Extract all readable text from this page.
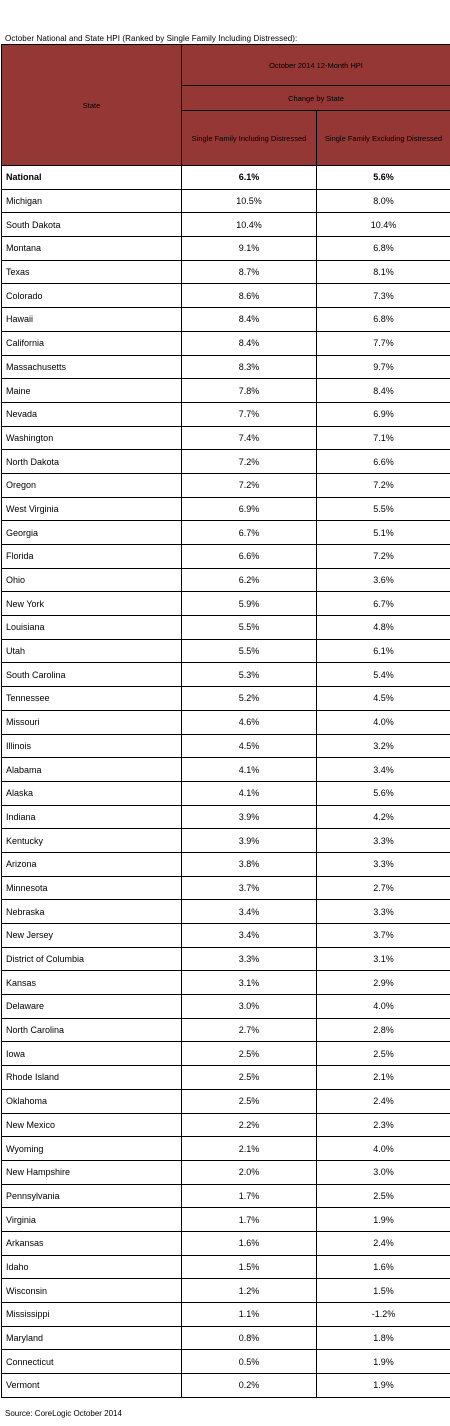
October National and State HPI (Ranked by Single Family Including Distressed):
State	October 2014 12-Month HPI	
	Change by State	
	Single Family Including Distressed	Single Family Excluding Distressed
National	6.1%	5.6%
Michigan	10.5%	8.0%
South Dakota	10.4%	10.4%
Montana	9.1%	6.8%
Texas	8.7%	8.1%
Colorado	8.6%	7.3%
Hawaii	8.4%	6.8%
California	8.4%	7.7%
Massachusetts	8.3%	9.7%
Maine	7.8%	8.4%
Nevada	7.7%	6.9%
Washington	7.4%	7.1%
North Dakota	7.2%	6.6%
Oregon	7.2%	7.2%
West Virginia	6.9%	5.5%
Georgia	6.7%	5.1%
Florida	6.6%	7.2%
Ohio	6.2%	3.6%
New York	5.9%	6.7%
Louisiana	5.5%	4.8%
Utah	5.5%	6.1%
South Carolina	5.3%	5.4%
Tennessee	5.2%	4.5%
Missouri	4.6%	4.0%
Illinois	4.5%	3.2%
Alabama	4.1%	3.4%
Alaska	4.1%	5.6%
Indiana	3.9%	4.2%
Kentucky	3.9%	3.3%
Arizona	3.8%	3.3%
Minnesota	3.7%	2.7%
Nebraska	3.4%	3.3%
New Jersey	3.4%	3.7%
District of Columbia	3.3%	3.1%
Kansas	3.1%	2.9%
Delaware	3.0%	4.0%
North Carolina	2.7%	2.8%
Iowa	2.5%	2.5%
Rhode Island	2.5%	2.1%
Oklahoma	2.5%	2.4%
New Mexico	2.2%	2.3%
Wyoming	2.1%	4.0%
New Hampshire	2.0%	3.0%
Pennsylvania	1.7%	2.5%
Virginia	1.7%	1.9%
Arkansas	1.6%	2.4%
Idaho	1.5%	1.6%
Wisconsin	1.2%	1.5%
Mississippi	1.1%	-1.2%
Maryland	0.8%	1.8%
Connecticut	0.5%	1.9%
Vermont	0.2%	1.9%
Source: CoreLogic October 2014
